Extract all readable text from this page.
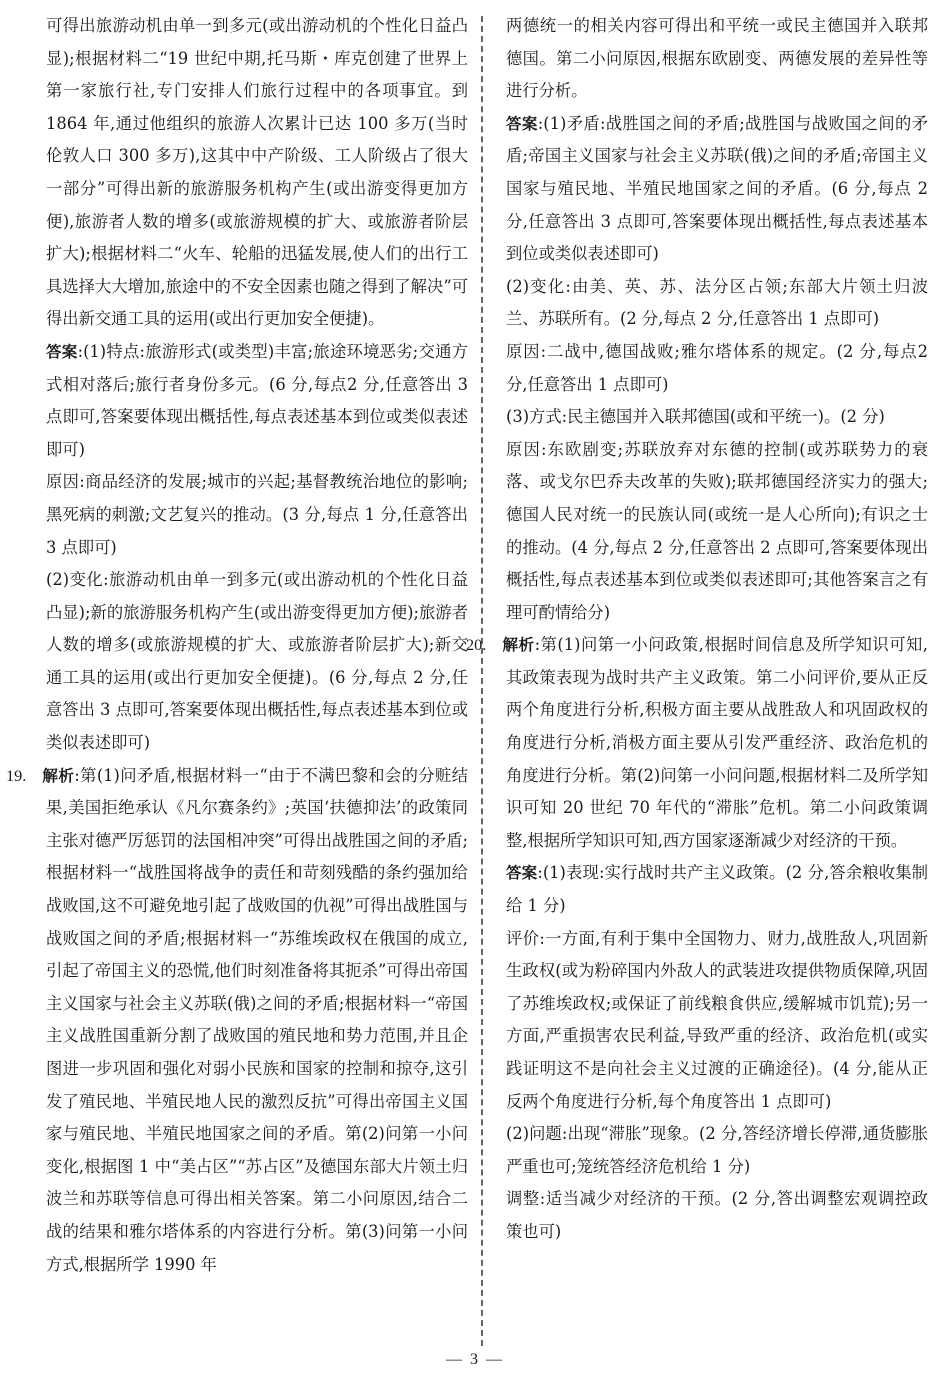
可得出旅游动机由单一到多元(或出游动机的个性化日益凸显);根据材料二“19 世纪中期,托马斯・库克创建了世界上第一家旅行社,专门安排人们旅行过程中的各项事宜。到 1864 年,通过他组织的旅游人次累计已达 100 多万(当时伦敦人口 300 多万),这其中中产阶级、工人阶级占了很大一部分”可得出新的旅游服务机构产生(或出游变得更加方便),旅游者人数的增多(或旅游规模的扩大、或旅游者阶层扩大);根据材料二“火车、轮船的迅猛发展,使人们的出行工具选择大大增加,旅途中的不安全因素也随之得到了解决”可得出新交通工具的运用(或出行更加安全便捷)。

答案:(1)特点:旅游形式(或类型)丰富;旅途环境恶劣;交通方式相对落后;旅行者身份多元。(6 分,每点2 分,任意答出 3 点即可,答案要体现出概括性,每点表述基本到位或类似表述即可)

原因:商品经济的发展;城市的兴起;基督教统治地位的影响;黑死病的刺激;文艺复兴的推动。(3 分,每点 1 分,任意答出 3 点即可)

(2)变化:旅游动机由单一到多元(或出游动机的个性化日益凸显);新的旅游服务机构产生(或出游变得更加方便);旅游者人数的增多(或旅游规模的扩大、或旅游者阶层扩大);新交通工具的运用(或出行更加安全便捷)。(6 分,每点 2 分,任意答出 3 点即可,答案要体现出概括性,每点表述基本到位或类似表述即可)

19. 解析:第(1)问矛盾,根据材料一“由于不满巴黎和会的分赃结果,美国拒绝承认《凡尔赛条约》;英国‘扶德抑法’的政策同主张对德严厉惩罚的法国相冲突”可得出战胜国之间的矛盾;根据材料一“战胜国将战争的责任和苛刻残酷的条约强加给战败国,这不可避免地引起了战败国的仇视”可得出战胜国与战败国之间的矛盾;根据材料一“苏维埃政权在俄国的成立,引起了帝国主义的恐慌,他们时刻准备将其扼杀”可得出帝国主义国家与社会主义苏联(俄)之间的矛盾;根据材料一“帝国主义战胜国重新分割了战败国的殖民地和势力范围,并且企图进一步巩固和强化对弱小民族和国家的控制和掠夺,这引发了殖民地、半殖民地人民的激烈反抗”可得出帝国主义国家与殖民地、半殖民地国家之间的矛盾。第(2)问第一小问变化,根据图 1 中“美占区”“苏占区”及德国东部大片领土归波兰和苏联等信息可得出相关答案。第二小问原因,结合二战的结果和雅尔塔体系的内容进行分析。第(3)问第一小问方式,根据所学 1990 年

两德统一的相关内容可得出和平统一或民主德国并入联邦德国。第二小问原因,根据东欧剧变、两德发展的差异性等进行分析。

答案:(1)矛盾:战胜国之间的矛盾;战胜国与战败国之间的矛盾;帝国主义国家与社会主义苏联(俄)之间的矛盾;帝国主义国家与殖民地、半殖民地国家之间的矛盾。(6 分,每点 2 分,任意答出 3 点即可,答案要体现出概括性,每点表述基本到位或类似表述即可)

(2)变化:由美、英、苏、法分区占领;东部大片领土归波兰、苏联所有。(2 分,每点 2 分,任意答出 1 点即可)

原因:二战中,德国战败;雅尔塔体系的规定。(2 分,每点2 分,任意答出 1 点即可)

(3)方式:民主德国并入联邦德国(或和平统一)。(2 分)

原因:东欧剧变;苏联放弃对东德的控制(或苏联势力的衰落、或戈尔巴乔夫改革的失败);联邦德国经济实力的强大;德国人民对统一的民族认同(或统一是人心所向);有识之士的推动。(4 分,每点 2 分,任意答出 2 点即可,答案要体现出概括性,每点表述基本到位或类似表述即可;其他答案言之有理可酌情给分)

20. 解析:第(1)问第一小问政策,根据时间信息及所学知识可知,其政策表现为战时共产主义政策。第二小问评价,要从正反两个角度进行分析,积极方面主要从战胜敌人和巩固政权的角度进行分析,消极方面主要从引发严重经济、政治危机的角度进行分析。第(2)问第一小问问题,根据材料二及所学知识可知 20 世纪 70 年代的“滞胀”危机。第二小问政策调整,根据所学知识可知,西方国家逐渐减少对经济的干预。

答案:(1)表现:实行战时共产主义政策。(2 分,答余粮收集制给 1 分)

评价:一方面,有利于集中全国物力、财力,战胜敌人,巩固新生政权(或为粉碎国内外敌人的武装进攻提供物质保障,巩固了苏维埃政权;或保证了前线粮食供应,缓解城市饥荒);另一方面,严重损害农民利益,导致严重的经济、政治危机(或实践证明这不是向社会主义过渡的正确途径)。(4 分,能从正反两个角度进行分析,每个角度答出 1 点即可)

(2)问题:出现“滞胀”现象。(2 分,答经济增长停滞,通货膨胀严重也可;笼统答经济危机给 1 分)

调整:适当减少对经济的干预。(2 分,答出调整宏观调控政策也可)

— 3 —
